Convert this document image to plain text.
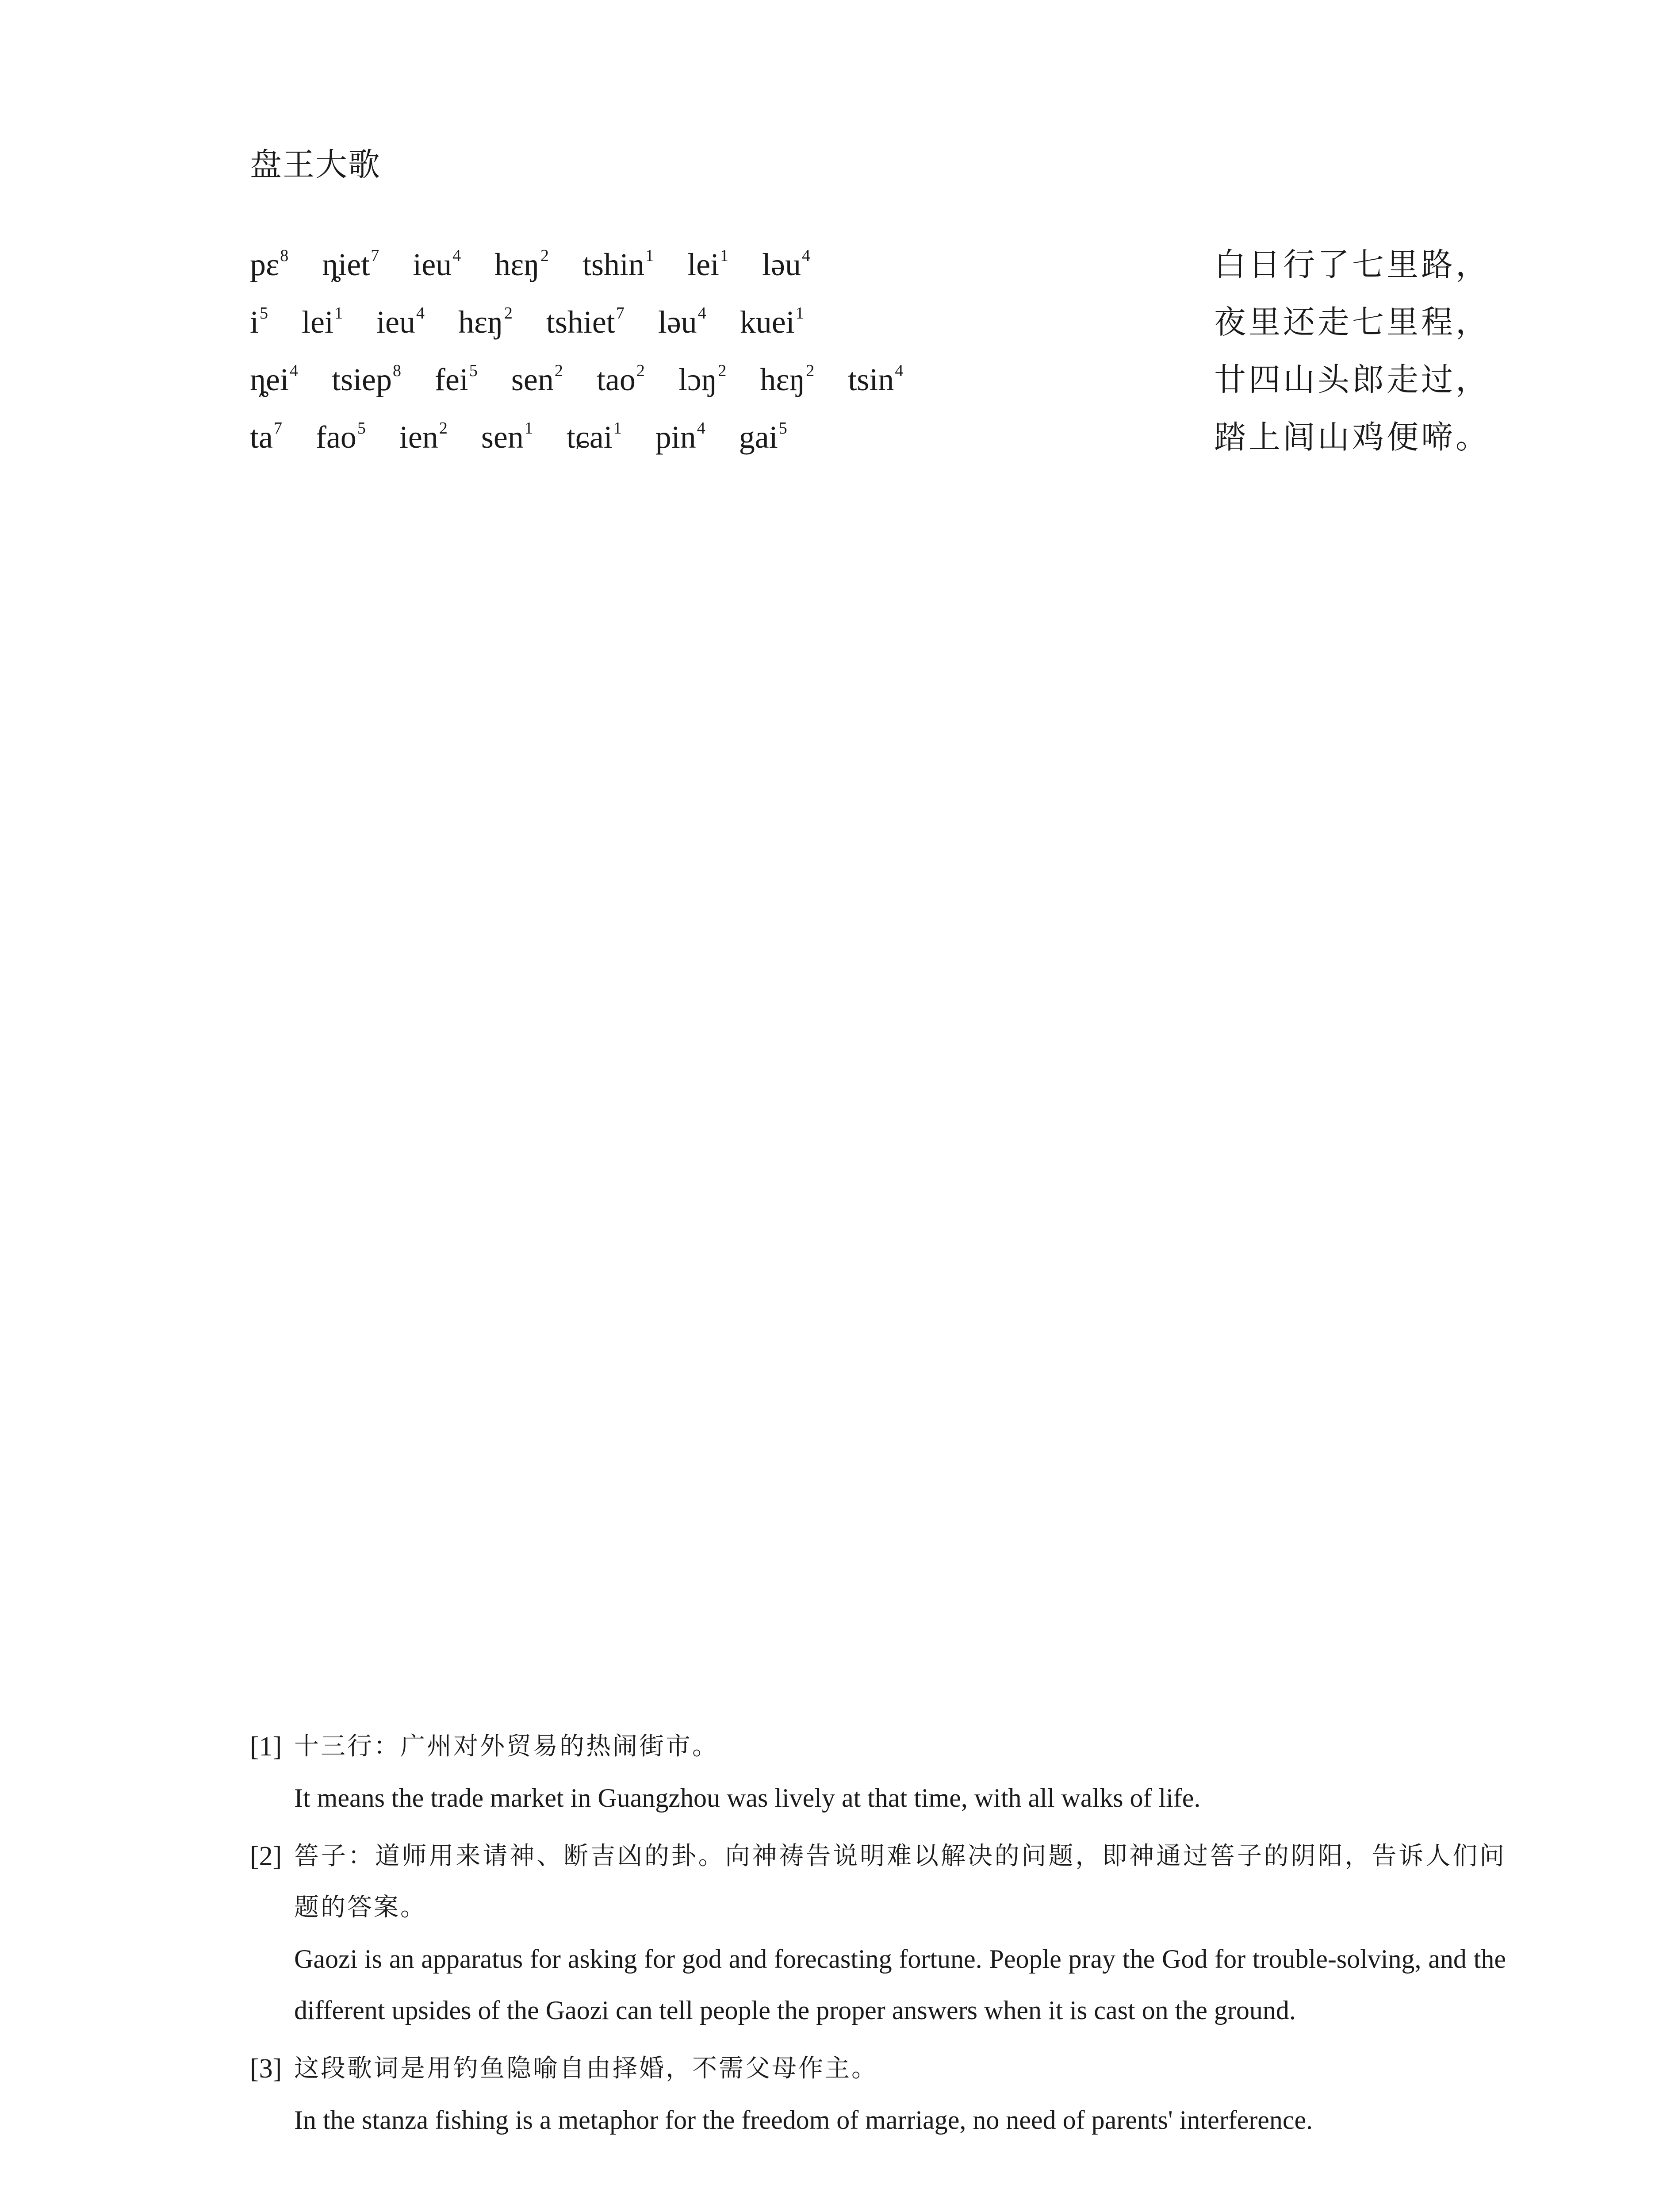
盘王大歌
pɛ$^8$ ȵiet$^7$ ieu$^4$ hɛŋ$^2$ tshin$^1$ lei$^1$ ləu$^4$	白日行了七里路，
$i^5$ lei$^1$ ieu$^4$ hɛŋ$^2$ tshiet$^7$ ləu$^4$ kuei$^1$	夜里还走七里程，
ȵei$^4$ tsiep$^8$ fei$^5$ sen$^2$ tao$^2$ lɔŋ$^2$ hɛŋ$^2$ tsin$^4$	廿四山头郎走过，
$ta^7$ fao$^5$ ien$^2$ sen$^1$ tɕai$^1$ pin$^4$ gai$^5$	踏上闾山鸡便啼。
[1] 十三行：广州对外贸易的热闹街市。
It means the trade market in Guangzhou was lively at that time, with all walks of life.
[2] 筶子：道师用来请神、断吉凶的卦。向神祷告说明难以解决的问题，即神通过筶子的阴阳，告诉人们问题的答案。
Gaozi is an apparatus for asking for god and forecasting fortune. People pray the God for trouble-solving, and the different upsides of the Gaozi can tell people the proper answers when it is cast on the ground.
[3] 这段歌词是用钓鱼隐喻自由择婚，不需父母作主。
In the stanza fishing is a metaphor for the freedom of marriage, no need of parents' interference.
